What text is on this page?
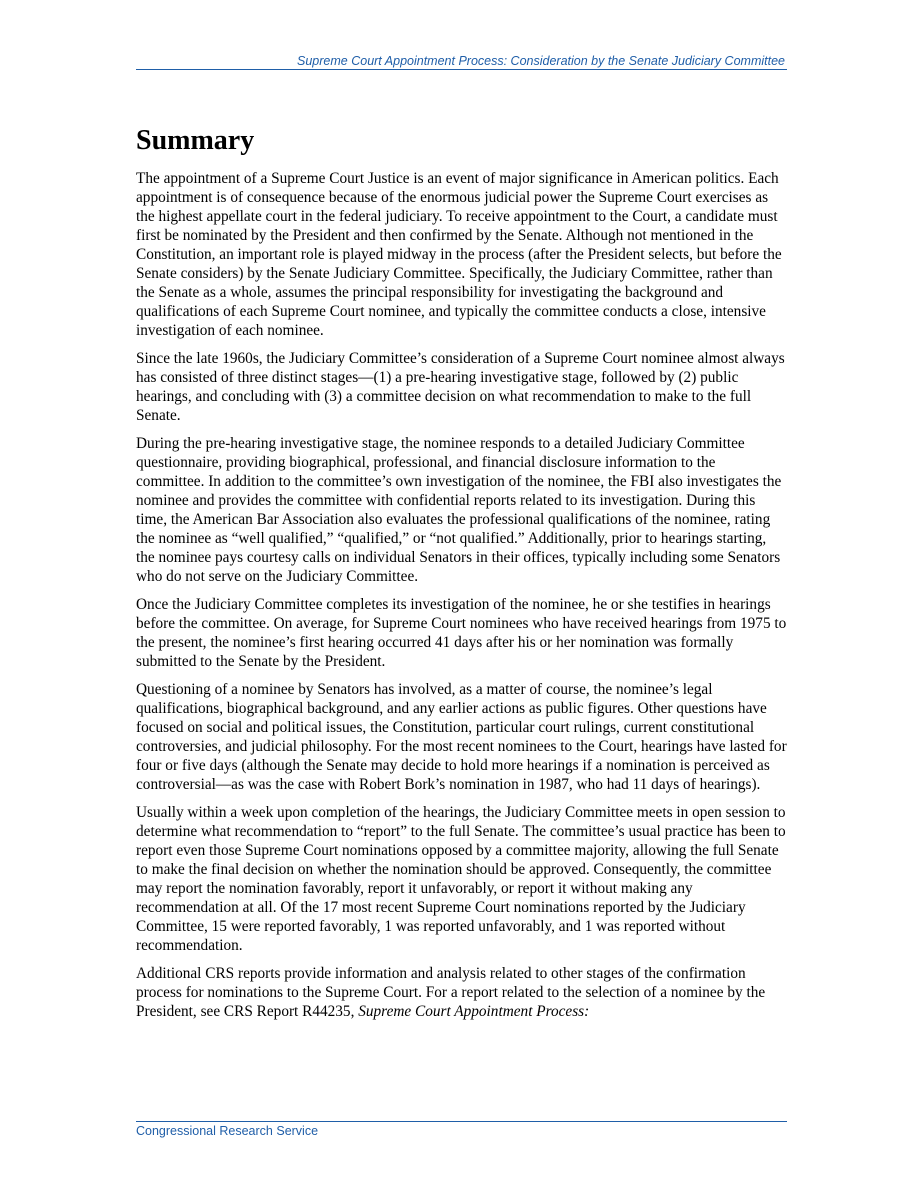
Supreme Court Appointment Process: Consideration by the Senate Judiciary Committee
Summary

The appointment of a Supreme Court Justice is an event of major significance in American politics. Each appointment is of consequence because of the enormous judicial power the Supreme Court exercises as the highest appellate court in the federal judiciary. To receive appointment to the Court, a candidate must first be nominated by the President and then confirmed by the Senate. Although not mentioned in the Constitution, an important role is played midway in the process (after the President selects, but before the Senate considers) by the Senate Judiciary Committee. Specifically, the Judiciary Committee, rather than the Senate as a whole, assumes the principal responsibility for investigating the background and qualifications of each Supreme Court nominee, and typically the committee conducts a close, intensive investigation of each nominee.

Since the late 1960s, the Judiciary Committee’s consideration of a Supreme Court nominee almost always has consisted of three distinct stages—(1) a pre-hearing investigative stage, followed by (2) public hearings, and concluding with (3) a committee decision on what recommendation to make to the full Senate.

During the pre-hearing investigative stage, the nominee responds to a detailed Judiciary Committee questionnaire, providing biographical, professional, and financial disclosure information to the committee. In addition to the committee’s own investigation of the nominee, the FBI also investigates the nominee and provides the committee with confidential reports related to its investigation. During this time, the American Bar Association also evaluates the professional qualifications of the nominee, rating the nominee as “well qualified,” “qualified,” or “not qualified.” Additionally, prior to hearings starting, the nominee pays courtesy calls on individual Senators in their offices, typically including some Senators who do not serve on the Judiciary Committee.

Once the Judiciary Committee completes its investigation of the nominee, he or she testifies in hearings before the committee. On average, for Supreme Court nominees who have received hearings from 1975 to the present, the nominee’s first hearing occurred 41 days after his or her nomination was formally submitted to the Senate by the President.

Questioning of a nominee by Senators has involved, as a matter of course, the nominee’s legal qualifications, biographical background, and any earlier actions as public figures. Other questions have focused on social and political issues, the Constitution, particular court rulings, current constitutional controversies, and judicial philosophy. For the most recent nominees to the Court, hearings have lasted for four or five days (although the Senate may decide to hold more hearings if a nomination is perceived as controversial—as was the case with Robert Bork’s nomination in 1987, who had 11 days of hearings).

Usually within a week upon completion of the hearings, the Judiciary Committee meets in open session to determine what recommendation to “report” to the full Senate. The committee’s usual practice has been to report even those Supreme Court nominations opposed by a committee majority, allowing the full Senate to make the final decision on whether the nomination should be approved. Consequently, the committee may report the nomination favorably, report it unfavorably, or report it without making any recommendation at all. Of the 17 most recent Supreme Court nominations reported by the Judiciary Committee, 15 were reported favorably, 1 was reported unfavorably, and 1 was reported without recommendation.

Additional CRS reports provide information and analysis related to other stages of the confirmation process for nominations to the Supreme Court. For a report related to the selection of a nominee by the President, see CRS Report R44235, Supreme Court Appointment Process:

Congressional Research Service
